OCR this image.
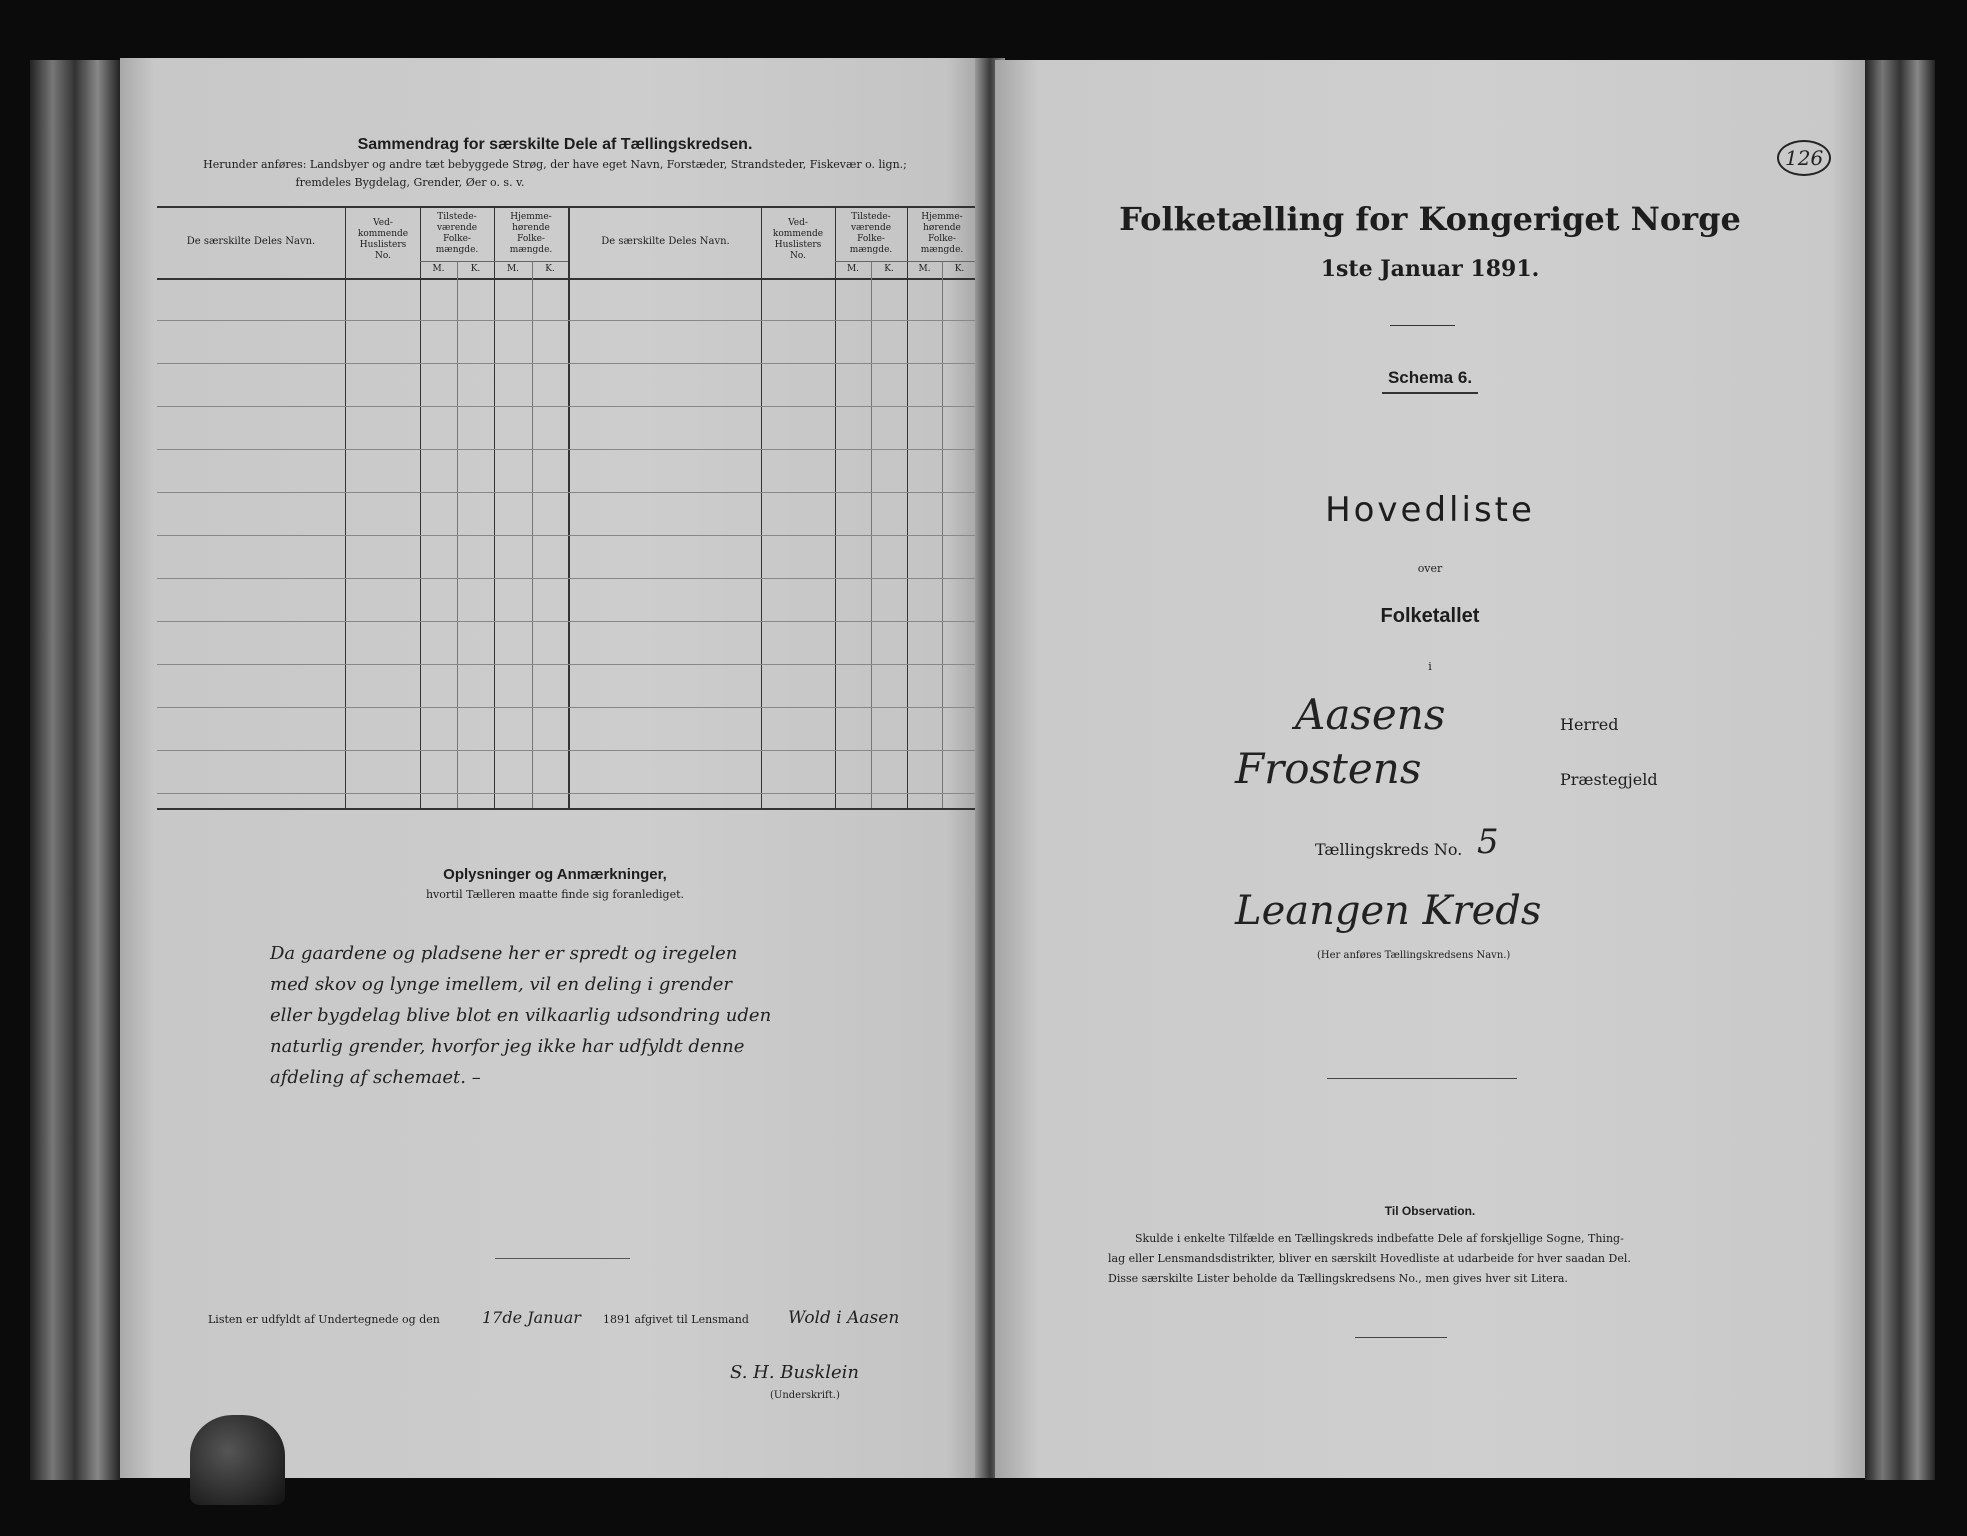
Sammendrag for særskilte Dele af Tællingskredsen.
Herunder anføres: Landsbyer og andre tæt bebyggede Strøg, der have eget Navn, Forstæder, Strandsteder, Fiskevær o. lign.;
fremdeles Bygdelag, Grender, Øer o. s. v.
De særskilte Deles Navn.
Ved-kommende Huslisters No.
Tilstede-værende Folke-mængde.
Hjemme-hørende Folke-mængde.
M.	K.	M.	K.
De særskilte Deles Navn.
Ved-kommende Huslisters No.
Tilstede-værende Folke-mængde.
Hjemme-hørende Folke-mængde.
M.	K.	M.	K.
Oplysninger og Anmærkninger,
hvortil Tælleren maatte finde sig foranlediget.
Da gaardene og pladsene her er spredt og iregelen
med skov og lynge imellem, vil en deling i grender
eller bygdelag blive blot en vilkaarlig udsondring uden
naturlig grender, hvorfor jeg ikke har udfyldt denne
afdeling af schemaet. –
Listen er udfyldt af Undertegnede og den	17de Januar 1891 afgivet til Lensmand Wold i Aasen
S. H. Busklein
(Underskrift.)
126
Folketælling for Kongeriget Norge
1ste Januar 1891.
Schema 6.
Hovedliste
over
Folketallet
i
Aasens	Herred
Frostens	Præstegjeld
Tællingskreds No. 5
Leangen Kreds
(Her anføres Tællingskredsens Navn.)
Til Observation.
Skulde i enkelte Tilfælde en Tællingskreds indbefatte Dele af forskjellige Sogne, Thing-
lag eller Lensmandsdistrikter, bliver en særskilt Hovedliste at udarbeide for hver saadan Del.
Disse særskilte Lister beholde da Tællingskredsens No., men gives hver sit Litera.
